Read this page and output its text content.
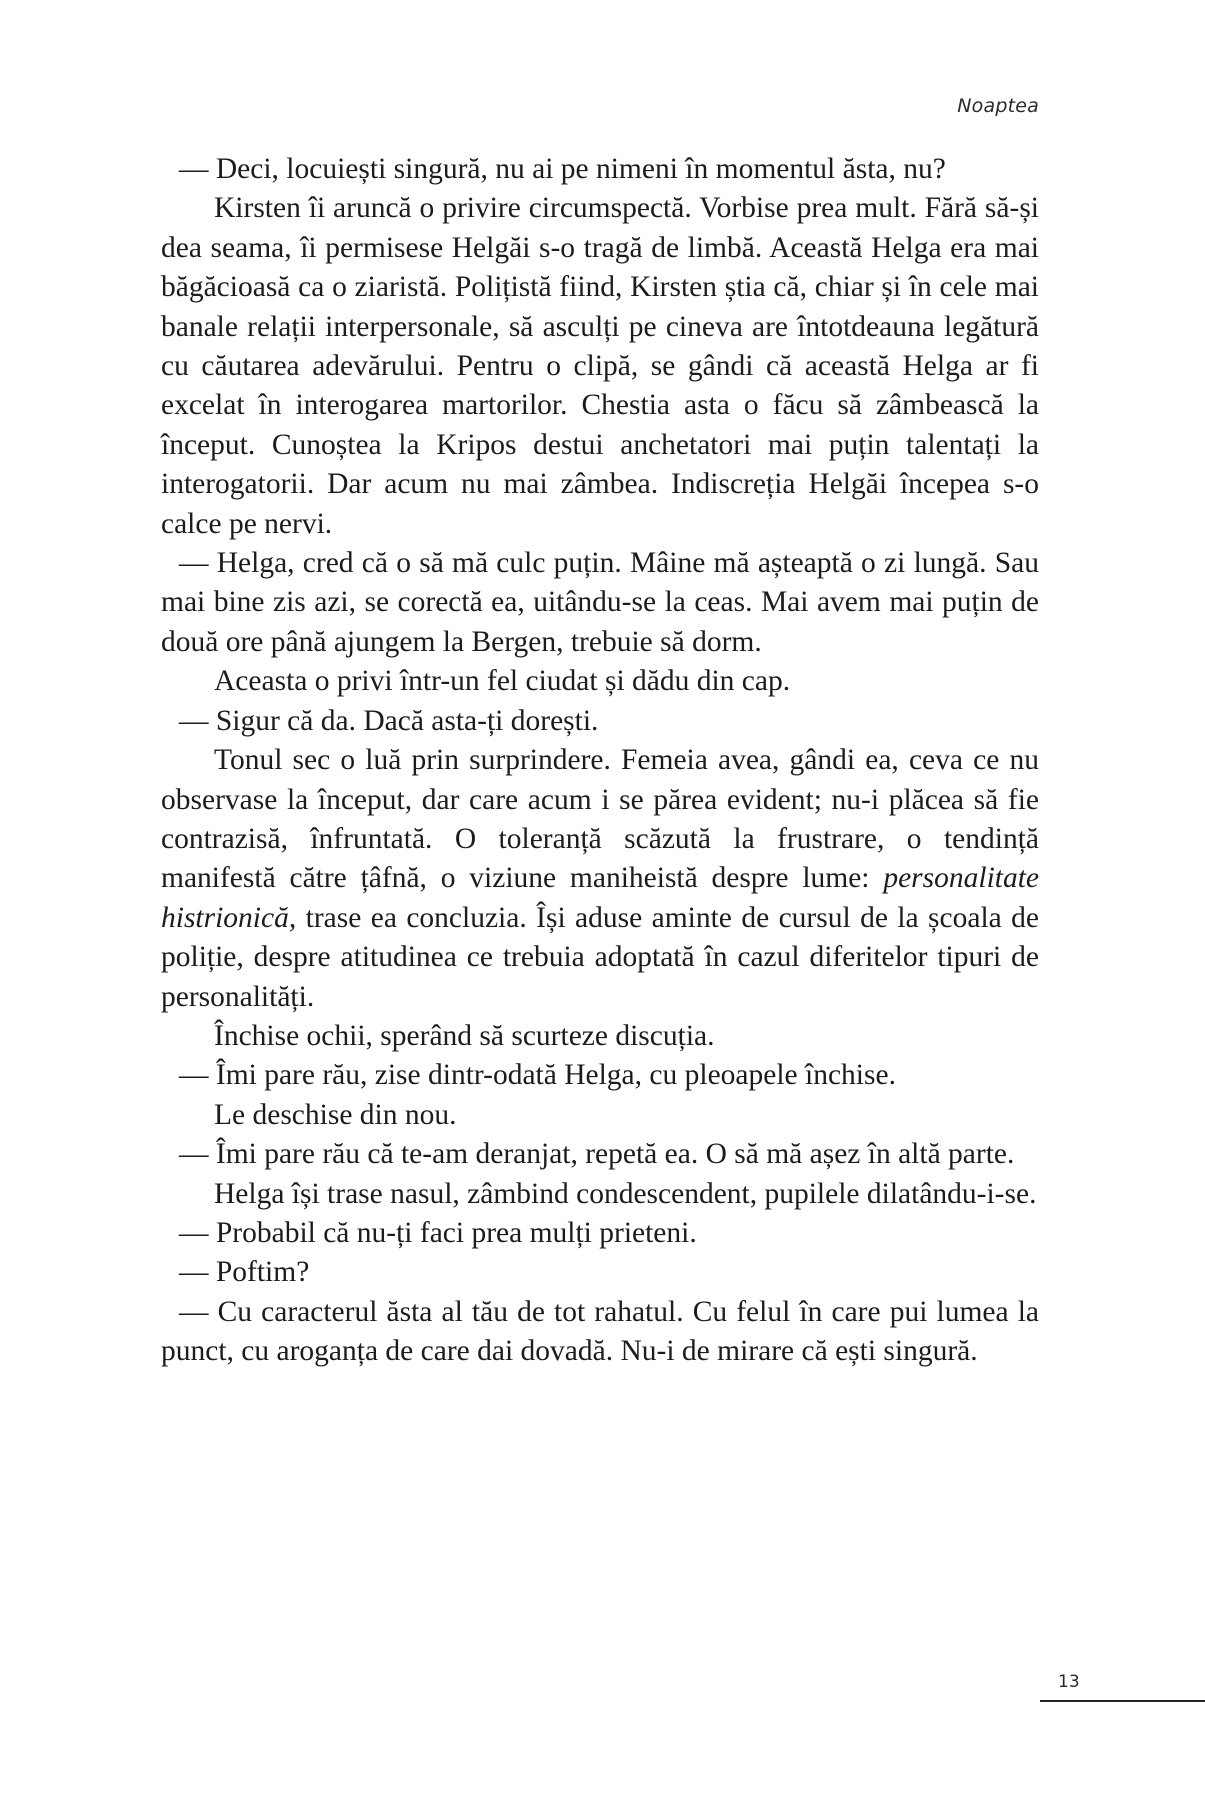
Noaptea

— Deci, locuiești singură, nu ai pe nimeni în momentul ăsta, nu?

Kirsten îi aruncă o privire circumspectă. Vorbise prea mult. Fără să-și dea seama, îi permisese Helgăi s-o tragă de limbă. Această Helga era mai băgăcioasă ca o ziaristă. Polițistă fiind, Kirsten știa că, chiar și în cele mai banale relații interpersonale, să asculți pe cineva are întotdeauna legătură cu căutarea adevărului. Pentru o clipă, se gândi că această Helga ar fi excelat în interogarea martorilor. Chestia asta o făcu să zâmbească la început. Cunoștea la Kripos destui anchetatori mai puțin talentați la interogatorii. Dar acum nu mai zâmbea. Indiscreția Helgăi începea s-o calce pe nervi.

— Helga, cred că o să mă culc puțin. Mâine mă așteaptă o zi lungă. Sau mai bine zis azi, se corectă ea, uitându-se la ceas. Mai avem mai puțin de două ore până ajungem la Bergen, trebuie să dorm.

Aceasta o privi într-un fel ciudat și dădu din cap.

— Sigur că da. Dacă asta-ți dorești.

Tonul sec o luă prin surprindere. Femeia avea, gândi ea, ceva ce nu observase la început, dar care acum i se părea evident; nu-i plăcea să fie contrazisă, înfruntată. O toleranță scăzută la frustrare, o tendință manifestă către țâfnă, o viziune maniheistă despre lume: personalitate histrionică, trase ea concluzia. Își aduse aminte de cursul de la școala de poliție, despre atitudinea ce trebuia adoptată în cazul diferitelor tipuri de personalități.

Închise ochii, sperând să scurteze discuția.

— Îmi pare rău, zise dintr-odată Helga, cu pleoapele închise.

Le deschise din nou.

— Îmi pare rău că te-am deranjat, repetă ea. O să mă așez în altă parte.

Helga își trase nasul, zâmbind condescendent, pupilele dilatându-i-se.

— Probabil că nu-ți faci prea mulți prieteni.

— Poftim?

— Cu caracterul ăsta al tău de tot rahatul. Cu felul în care pui lumea la punct, cu aroganța de care dai dovadă. Nu-i de mirare că ești singură.

13
